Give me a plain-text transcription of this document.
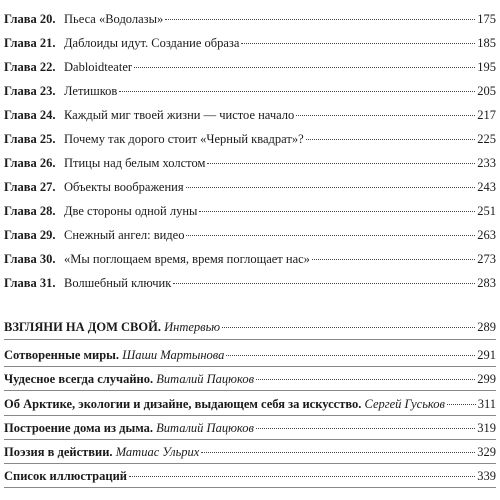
Глава 20. Пьеса «Водолазы»	175
Глава 21. Даблоиды идут. Создание образа	185
Глава 22. Dabloidteater	195
Глава 23. Летишков	205
Глава 24. Каждый миг твоей жизни — чистое начало	217
Глава 25. Почему так дорого стоит «Черный квадрат»?	225
Глава 26. Птицы над белым холстом	233
Глава 27. Объекты воображения	243
Глава 28. Две стороны одной луны	251
Глава 29. Снежный ангел: видео	263
Глава 30. «Мы поглощаем время, время поглощает нас»	273
Глава 31. Волшебный ключик	283
ВЗГЛЯНИ НА ДОМ СВОЙ. Интервью	289
Сотворенные миры. Шаши Мартынова	291
Чудесное всегда случайно. Виталий Пацюков	299
Об Арктике, экологии и дизайне, выдающем себя за искусство. Сергей Гуськов	311
Построение дома из дыма. Виталий Пацюков	319
Поэзия в действии. Матиас Ульрих	329
Список иллюстраций	339
